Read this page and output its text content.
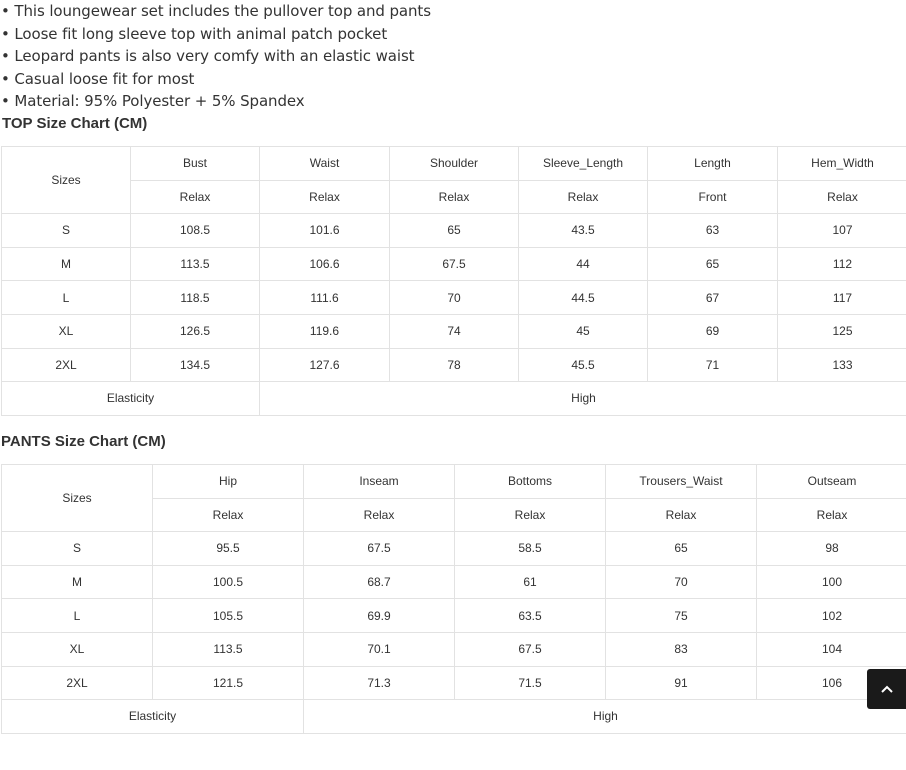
• This loungewear set includes the pullover top and pants
• Loose fit long sleeve top with animal patch pocket
• Leopard pants is also very comfy with an elastic waist
• Casual loose fit for most
• Material: 95% Polyester + 5% Spandex
TOP Size Chart (CM)
Sizes	Bust	Waist	Shoulder	Sleeve_Length	Length	Hem_Width
	Relax	Relax	Relax	Relax	Front	Relax
S	108.5	101.6	65	43.5	63	107
M	113.5	106.6	67.5	44	65	112
L	118.5	111.6	70	44.5	67	117
XL	126.5	119.6	74	45	69	125
2XL	134.5	127.6	78	45.5	71	133
Elasticity		High				
PANTS Size Chart (CM)
Sizes	Hip	Inseam	Bottoms	Trousers_Waist	Outseam
	Relax	Relax	Relax	Relax	Relax
S	95.5	67.5	58.5	65	98
M	100.5	68.7	61	70	100
L	105.5	69.9	63.5	75	102
XL	113.5	70.1	67.5	83	104
2XL	121.5	71.3	71.5	91	106
Elasticity		High			
